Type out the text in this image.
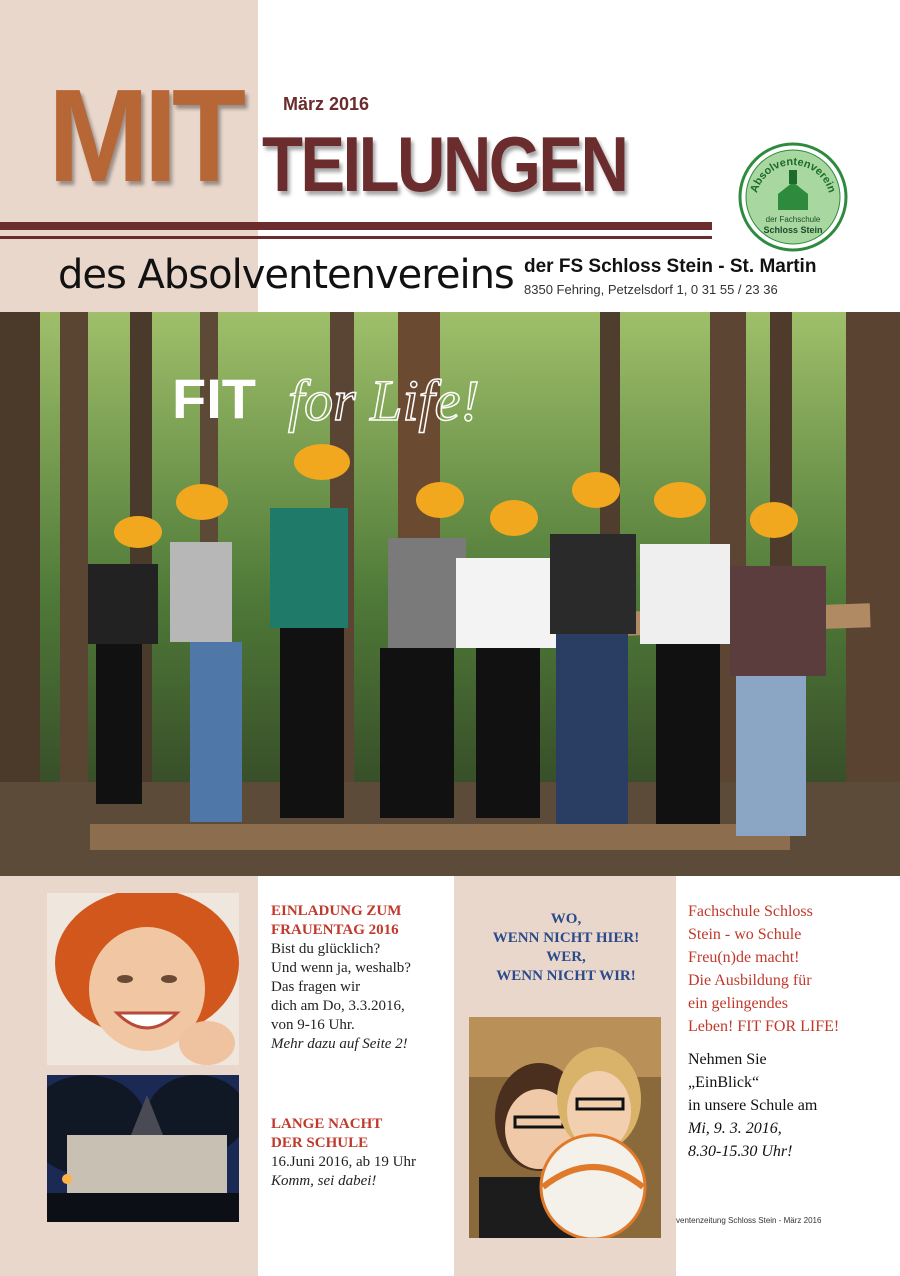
MIT März 2016
TEILUNGEN
des Absolventenvereins der FS Schloss Stein - St. Martin
8350 Fehring, Petzelsdorf 1, 0 31 55 / 23 36
Absolventenverein
der Fachschule
Schloss Stein
FIT for Life!
EINLADUNG ZUM
FRAUENTAG 2016
Bist du glücklich?
Und wenn ja, weshalb?
Das fragen wir
dich am Do, 3.3.2016,
von 9-16 Uhr.
Mehr dazu auf Seite 2!
LANGE NACHT
DER SCHULE
16.Juni 2016, ab 19 Uhr
Komm, sei dabei!
WO,
WENN NICHT HIER!
WER,
WENN NICHT WIR!
Fachschule Schloss
Stein - wo Schule
Freu(n)de macht!
Die Ausbildung für
ein gelingendes
Leben! FIT FOR LIFE!
Nehmen Sie
„EinBlick“
in unsere Schule am
Mi, 9. 3. 2016,
8.30-15.30 Uhr!
ventenzeitung Schloss Stein - März 2016
